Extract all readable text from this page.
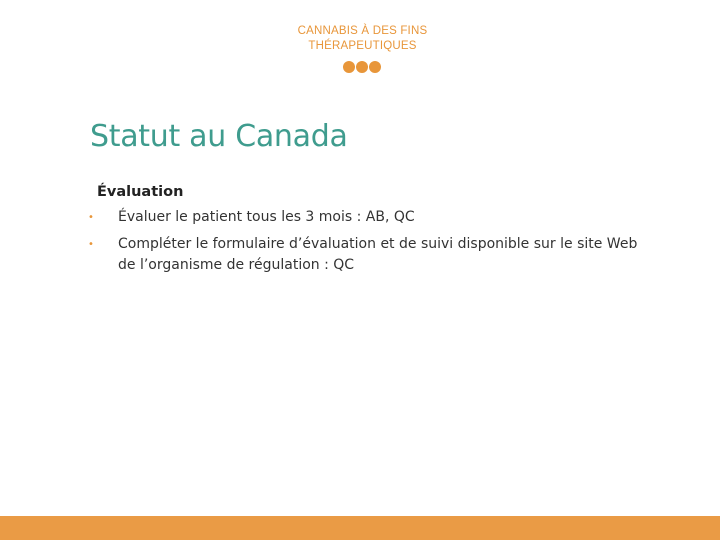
CANNABIS À DES FINS
THÉRAPEUTIQUES
Statut au Canada
Évaluation
• Évaluer le patient tous les 3 mois : AB, QC
• Compléter le formulaire d’évaluation et de suivi disponible sur le site Web de l’organisme de régulation : QC
